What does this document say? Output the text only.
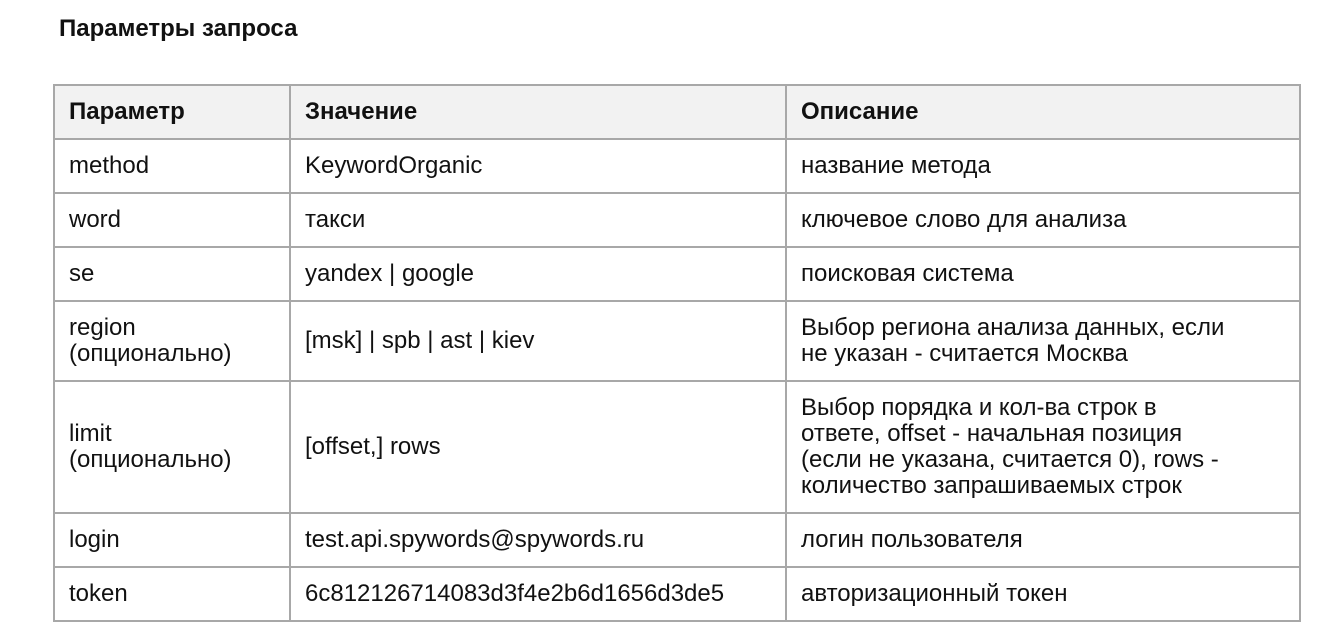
Параметры запроса
Параметр	Значение	Описание

method	KeywordOrganic	название метода

word	такси	ключевое слово для анализа

se	yandex | google	поисковая система

region
(опционально)	[msk] | spb | ast | kiev	Выбор региона анализа данных, если
не указан - считается Москва

limit
(опционально)	[offset,] rows	Выбор порядка и кол-ва строк в
ответе, offset - начальная позиция
(если не указана, считается 0), rows -
количество запрашиваемых строк

login	test.api.spywords@spywords.ru	логин пользователя

token	6c812126714083d3f4e2b6d1656d3de5	авторизационный токен
